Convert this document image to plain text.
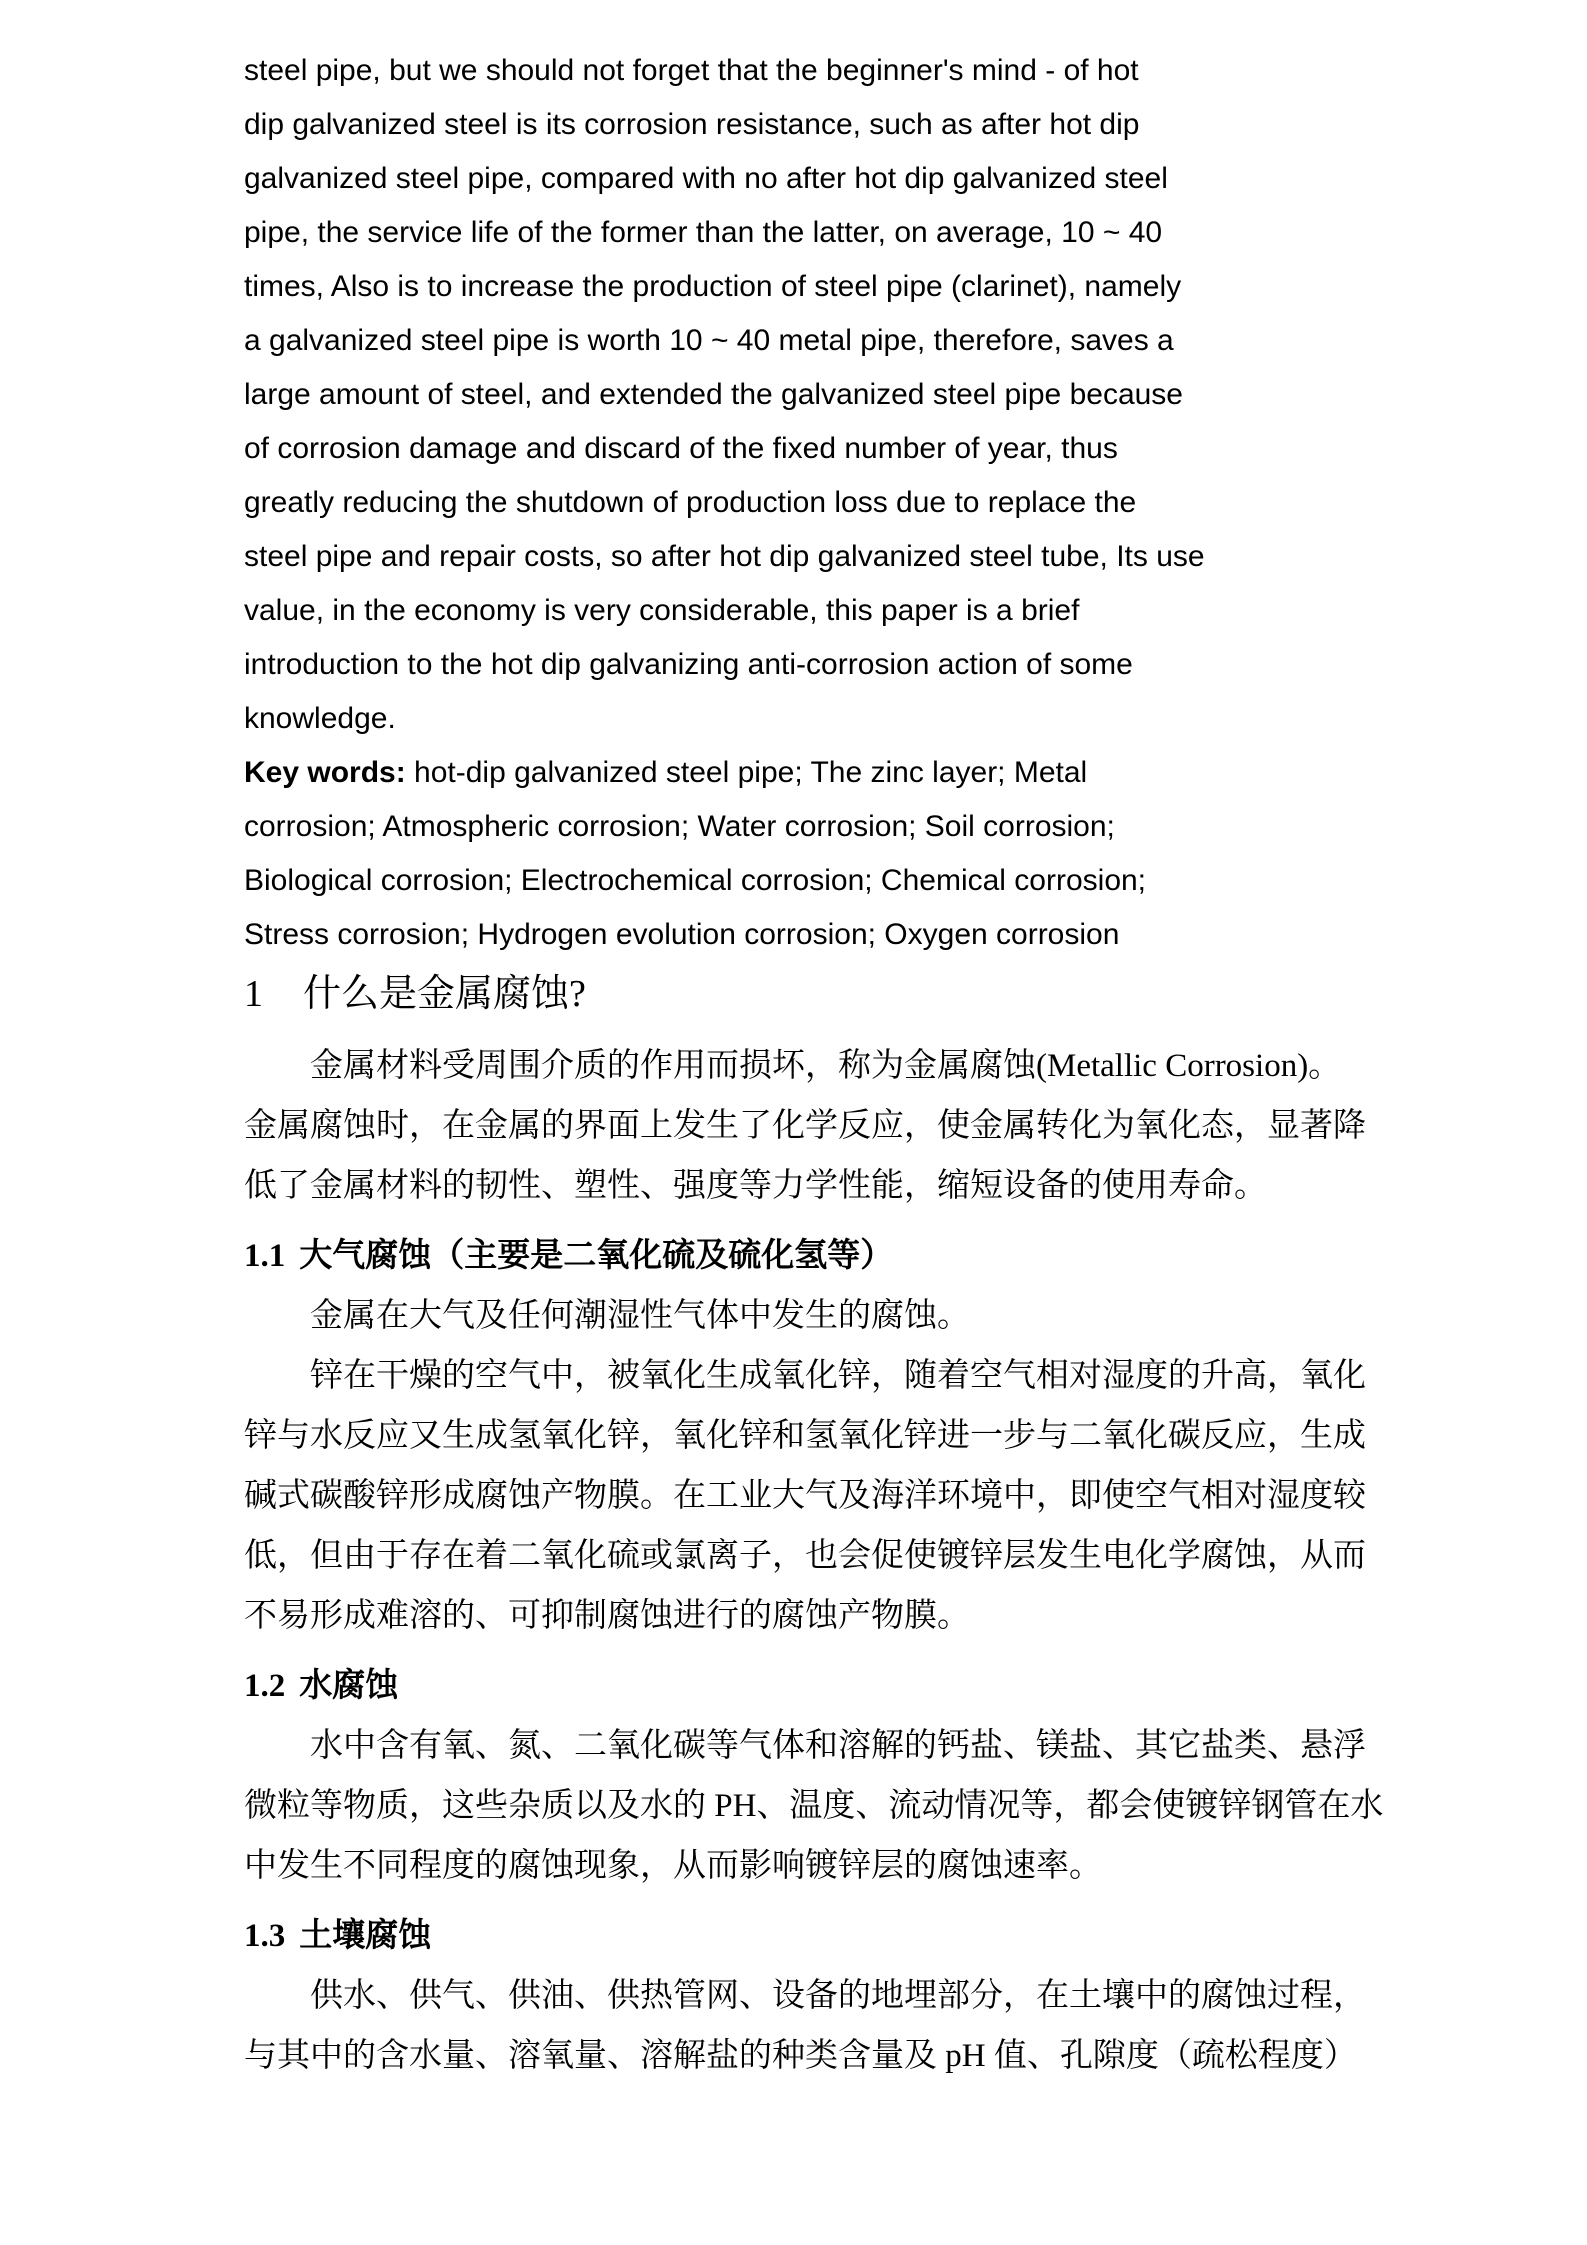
steel pipe, but we should not forget that the beginner's mind - of hot
dip galvanized steel is its corrosion resistance, such as after hot dip
galvanized steel pipe, compared with no after hot dip galvanized steel
pipe, the service life of the former than the latter, on average, 10 ~ 40
times, Also is to increase the production of steel pipe (clarinet), namely
a galvanized steel pipe is worth 10 ~ 40 metal pipe, therefore, saves a
large amount of steel, and extended the galvanized steel pipe because
of corrosion damage and discard of the fixed number of year, thus
greatly reducing the shutdown of production loss due to replace the
steel pipe and repair costs, so after hot dip galvanized steel tube, Its use
value, in the economy is very considerable, this paper is a brief
introduction to the hot dip galvanizing anti-corrosion action of some
knowledge.
Key words: hot-dip galvanized steel pipe; The zinc layer; Metal
corrosion; Atmospheric corrosion; Water corrosion; Soil corrosion;
Biological corrosion; Electrochemical corrosion; Chemical corrosion;
Stress corrosion; Hydrogen evolution corrosion; Oxygen corrosion
1 什么是金属腐蚀?
金属材料受周围介质的作用而损坏，称为金属腐蚀(Metallic Corrosion)。
金属腐蚀时，在金属的界面上发生了化学反应，使金属转化为氧化态，显著降
低了金属材料的韧性、塑性、强度等力学性能，缩短设备的使用寿命。
1.1 大气腐蚀（主要是二氧化硫及硫化氢等）
金属在大气及任何潮湿性气体中发生的腐蚀。
锌在干燥的空气中，被氧化生成氧化锌，随着空气相对湿度的升高，氧化
锌与水反应又生成氢氧化锌，氧化锌和氢氧化锌进一步与二氧化碳反应，生成
碱式碳酸锌形成腐蚀产物膜。在工业大气及海洋环境中，即使空气相对湿度较
低，但由于存在着二氧化硫或氯离子，也会促使镀锌层发生电化学腐蚀，从而
不易形成难溶的、可抑制腐蚀进行的腐蚀产物膜。
1.2 水腐蚀
水中含有氧、氮、二氧化碳等气体和溶解的钙盐、镁盐、其它盐类、悬浮
微粒等物质，这些杂质以及水的 PH、温度、流动情况等，都会使镀锌钢管在水
中发生不同程度的腐蚀现象，从而影响镀锌层的腐蚀速率。
1.3 土壤腐蚀
供水、供气、供油、供热管网、设备的地埋部分，在土壤中的腐蚀过程，
与其中的含水量、溶氧量、溶解盐的种类含量及 pH 值、孔隙度（疏松程度）
